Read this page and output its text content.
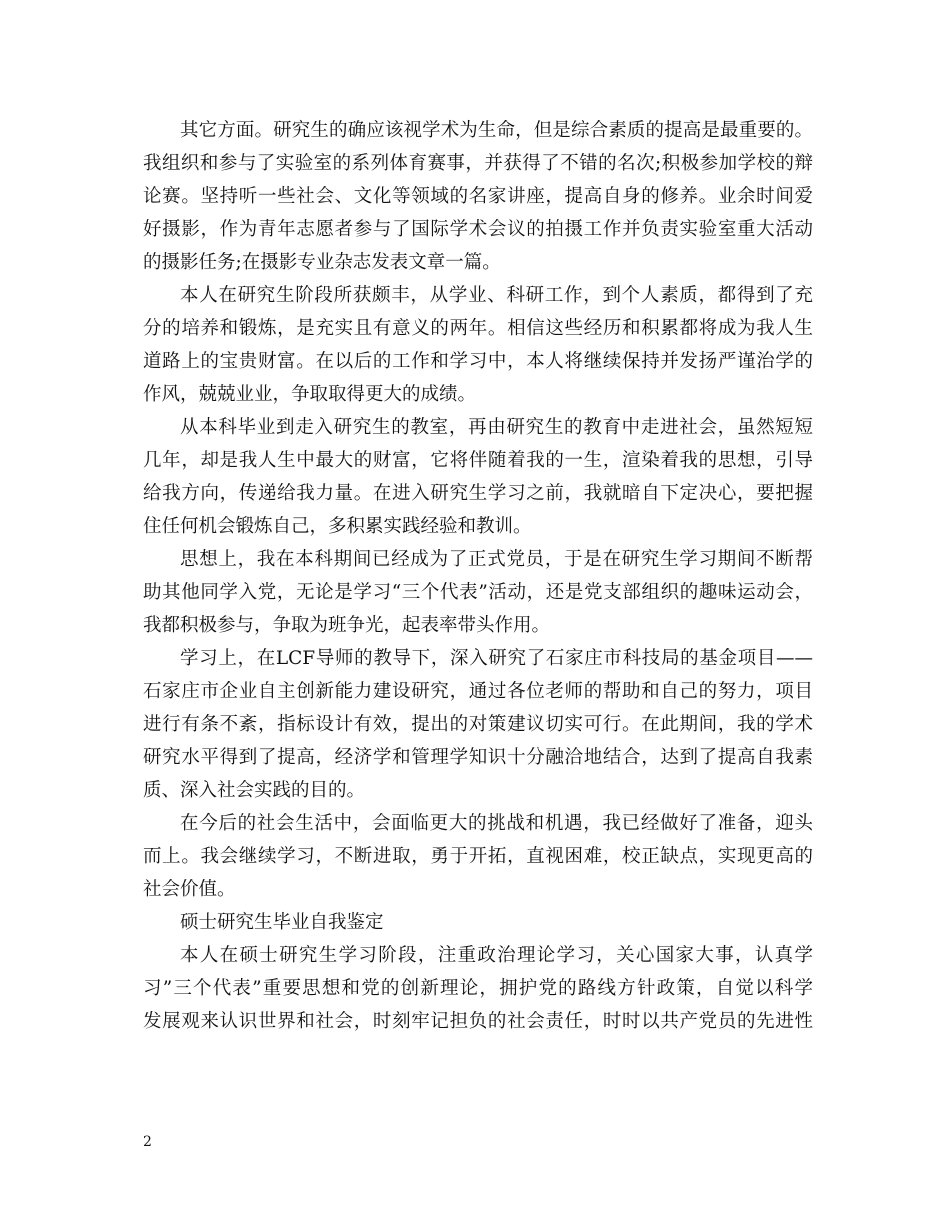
其它方面。研究生的确应该视学术为生命，但是综合素质的提高是最重要的。
我组织和参与了实验室的系列体育赛事，并获得了不错的名次;积极参加学校的辩
论赛。坚持听一些社会、文化等领域的名家讲座，提高自身的修养。业余时间爱
好摄影，作为青年志愿者参与了国际学术会议的拍摄工作并负责实验室重大活动
的摄影任务;在摄影专业杂志发表文章一篇。
本人在研究生阶段所获颇丰，从学业、科研工作，到个人素质，都得到了充
分的培养和锻炼，是充实且有意义的两年。相信这些经历和积累都将成为我人生
道路上的宝贵财富。在以后的工作和学习中，本人将继续保持并发扬严谨治学的
作风，兢兢业业，争取取得更大的成绩。
从本科毕业到走入研究生的教室，再由研究生的教育中走进社会，虽然短短
几年，却是我人生中最大的财富，它将伴随着我的一生，渲染着我的思想，引导
给我方向，传递给我力量。在进入研究生学习之前，我就暗自下定决心，要把握
住任何机会锻炼自己，多积累实践经验和教训。
思想上，我在本科期间已经成为了正式党员，于是在研究生学习期间不断帮
助其他同学入党，无论是学习“三个代表”活动，还是党支部组织的趣味运动会，
我都积极参与，争取为班争光，起表率带头作用。
学习上，在LCF导师的教导下，深入研究了石家庄市科技局的基金项目——
石家庄市企业自主创新能力建设研究，通过各位老师的帮助和自己的努力，项目
进行有条不紊，指标设计有效，提出的对策建议切实可行。在此期间，我的学术
研究水平得到了提高，经济学和管理学知识十分融洽地结合，达到了提高自我素
质、深入社会实践的目的。
在今后的社会生活中，会面临更大的挑战和机遇，我已经做好了准备，迎头
而上。我会继续学习，不断进取，勇于开拓，直视困难，校正缺点，实现更高的
社会价值。
硕士研究生毕业自我鉴定
本人在硕士研究生学习阶段，注重政治理论学习，关心国家大事，认真学
习”三个代表”重要思想和党的创新理论，拥护党的路线方针政策，自觉以科学
发展观来认识世界和社会，时刻牢记担负的社会责任，时时以共产党员的先进性
2
